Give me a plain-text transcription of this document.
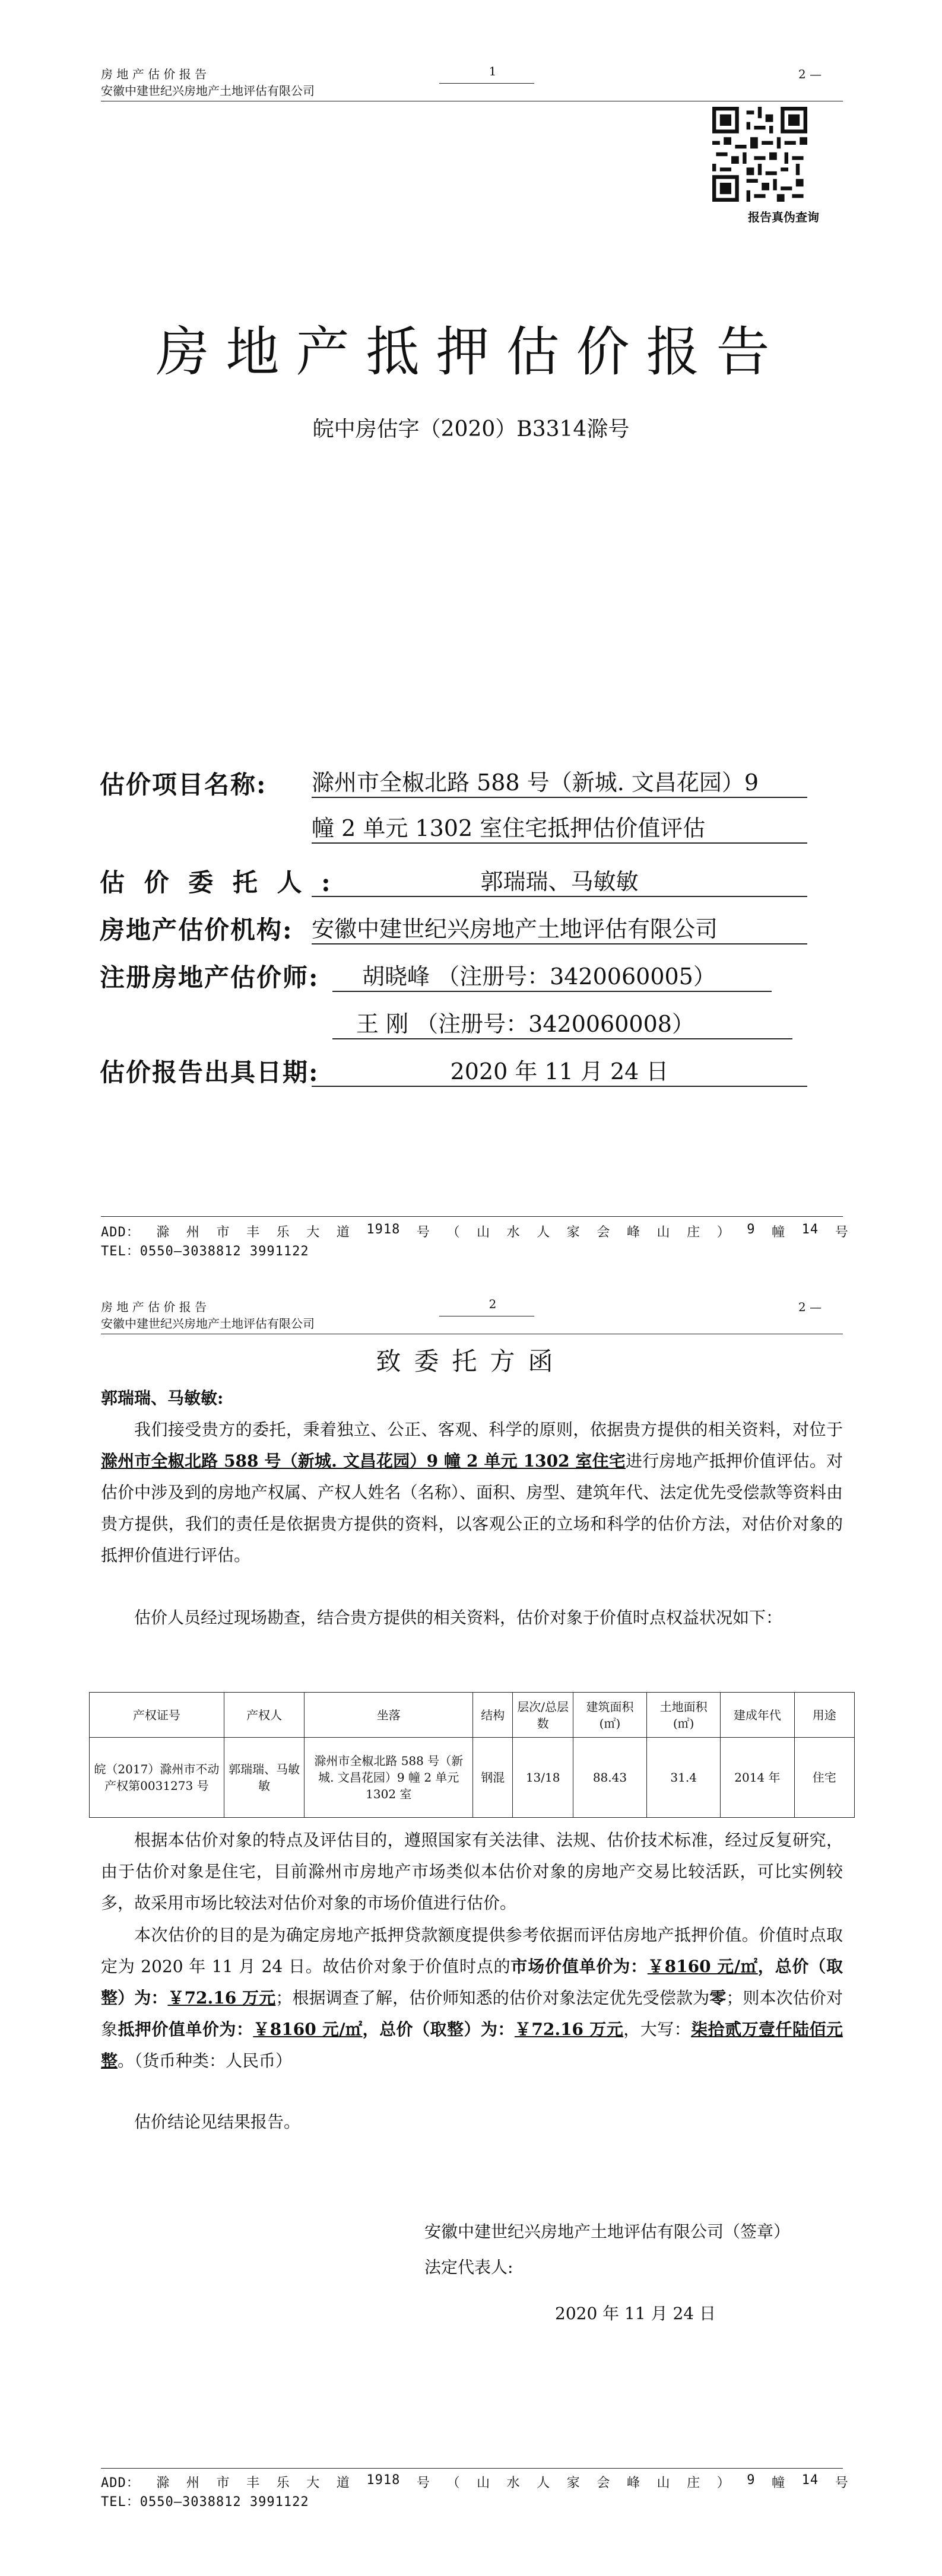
房 地 产 估 价 报 告
安徽中建世纪兴房地产土地评估有限公司
1	2 —
报告真伪查询
房地产抵押估价报告
皖中房估字（2020）B3314滁号
估价项目名称: 滁州市全椒北路 588 号（新城. 文昌花园）9
幢 2 单元 1302 室住宅抵押估价值评估
估 价 委 托 人 :	郭瑞瑞、马敏敏
房地产估价机构: 安徽中建世纪兴房地产土地评估有限公司
注册房地产估价师:	胡晓峰 （注册号：3420060005）
王 刚 （注册号：3420060008）
估价报告出具日期:	2020 年 11 月 24 日
ADD： 滁 州 市 丰 乐 大 道 1918 号 （ 山 水 人 家 会 峰 山 庄 ） 9 幢 14 号
TEL：0550—3038812 3991122
房 地 产 估 价 报 告
安徽中建世纪兴房地产土地评估有限公司
2	2 —
致委托方函
郭瑞瑞、马敏敏:
我们接受贵方的委托，秉着独立、公正、客观、科学的原则，依据贵方提供的相关资料，对位于滁州市全椒北路 588 号（新城. 文昌花园）9 幢 2 单元 1302 室住宅进行房地产抵押价值评估。对估价中涉及到的房地产权属、产权人姓名（名称）、面积、房型、建筑年代、法定优先受偿款等资料由贵方提供，我们的责任是依据贵方提供的资料，以客观公正的立场和科学的估价方法，对估价对象的抵押价值进行评估。
估价人员经过现场勘查，结合贵方提供的相关资料，估价对象于价值时点权益状况如下：
产权证号	产权人	坐落	结构	层次/总层数	建筑面积(㎡)	土地面积(㎡)	建成年代	用途
皖（2017）滁州市不动产权第0031273 号	郭瑞瑞、马敏敏	滁州市全椒北路 588 号（新城. 文昌花园）9 幢 2 单元 1302 室	钢混	13/18	88.43	31.4	2014 年	住宅
根据本估价对象的特点及评估目的，遵照国家有关法律、法规、估价技术标准，经过反复研究，由于估价对象是住宅，目前滁州市房地产市场类似本估价对象的房地产交易比较活跃，可比实例较多，故采用市场比较法对估价对象的市场价值进行估价。
本次估价的目的是为确定房地产抵押贷款额度提供参考依据而评估房地产抵押价值。价值时点取定为 2020 年 11 月 24 日。故估价对象于价值时点的市场价值单价为：￥8160 元/㎡，总价（取整）为：￥72.16 万元；根据调查了解，估价师知悉的估价对象法定优先受偿款为零；则本次估价对象抵押价值单价为：￥8160 元/㎡，总价（取整）为：￥72.16 万元，大写：柒拾贰万壹仟陆佰元整。（货币种类：人民币）
估价结论见结果报告。
安徽中建世纪兴房地产土地评估有限公司（签章）
法定代表人:
2020 年 11 月 24 日
ADD： 滁 州 市 丰 乐 大 道 1918 号 （ 山 水 人 家 会 峰 山 庄 ） 9 幢 14 号
TEL：0550—3038812 3991122
